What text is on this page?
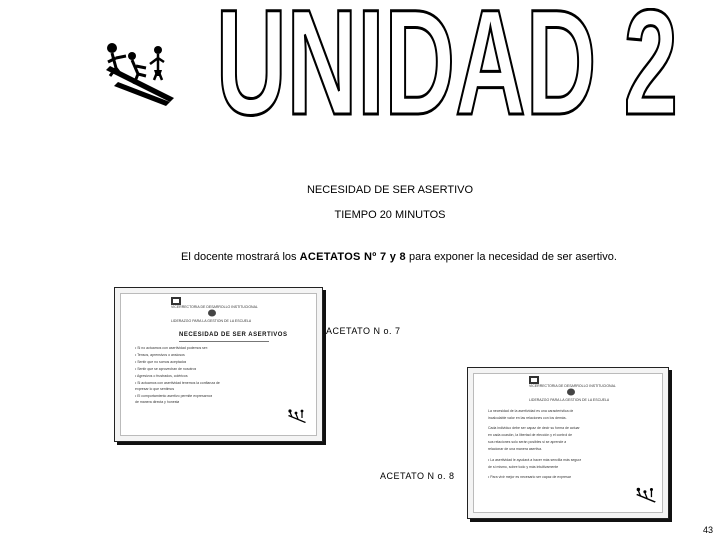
UNIDAD 2
NECESIDAD DE SER ASERTIVO
TIEMPO 20 MINUTOS
El docente mostrará los ACETATOS Nº 7 y 8 para exponer la necesidad de ser asertivo.
VICERRECTORIA DE DESARROLLO INSTITUCIONAL
LIDERAZGO PARA LA GESTION DE LA ESCUELA
NECESIDAD DE SER ASERTIVOS
• Si no actuamos con asertividad podemos ser:
• Tensos, aprensivos o ansiosos
• Sentir que no somos aceptados
• Sentir que se aprovechan de nosotros
• Agresivos o frustrados, coléricos
• Si actuamos con asertividad tenemos la confianza de
expresar lo que sentimos
• El comportamiento asertivo permite expresarnos
de manera directa y honesta
ACETATO N o. 7
VICERRECTORIA DE DESARROLLO INSTITUCIONAL
LIDERAZGO PARA LA GESTION DE LA ESCUELA
La necesidad de la asertividad es una característica de
incalculable valor en las relaciones con los demás.
Cada individuo debe ser capaz de decir su forma de actuar
en cada ocasión, la libertad de elección y el control de
sus relaciones solo serán posibles si se aprende a
relacionar de una manera asertiva.
• La asertividad le ayudará a hacer más sencilla más segura
de sí mismo, sobre todo y más intuitivamente
• Para vivir mejor es necesario ser capaz de expresar
ACETATO N o. 8
43
